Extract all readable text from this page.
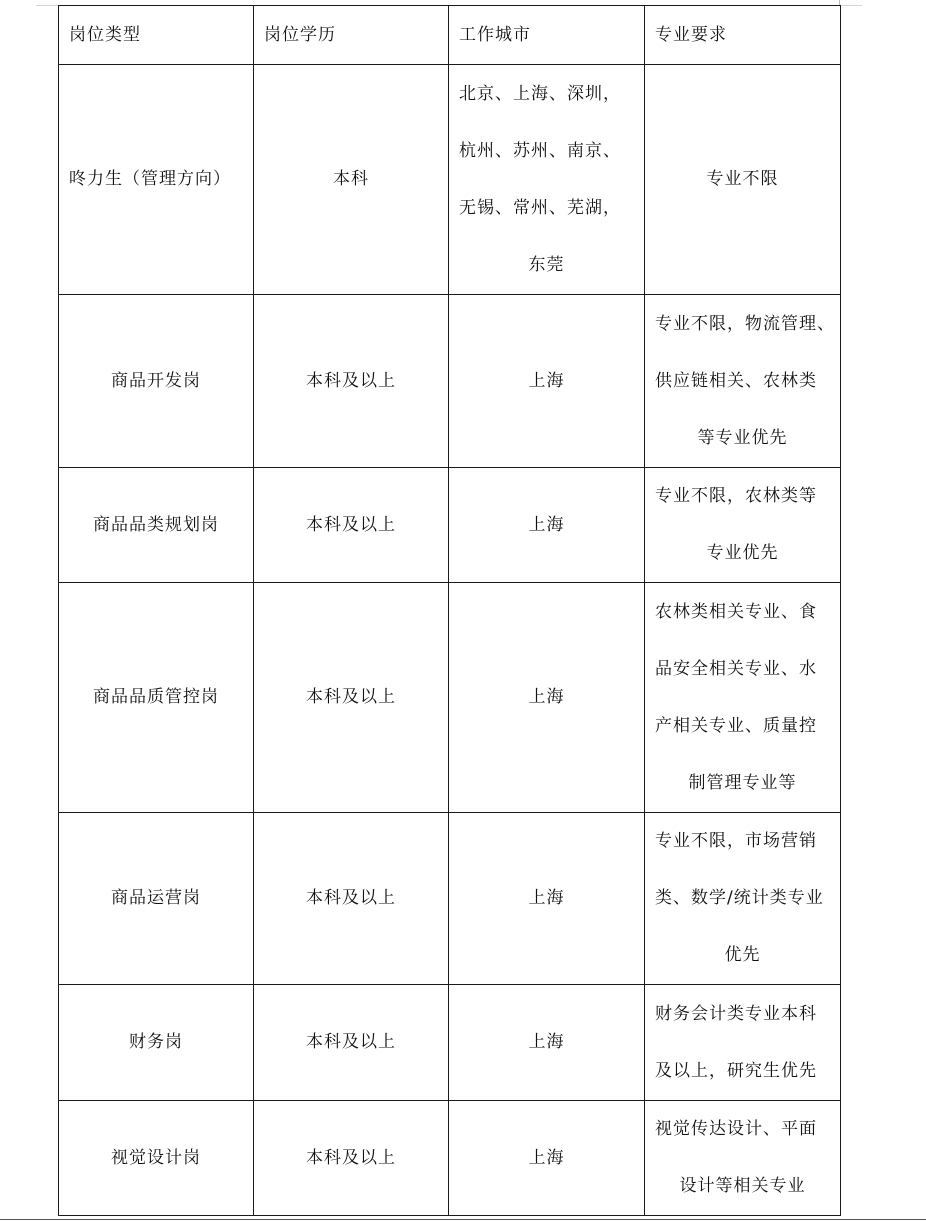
岗位类型	岗位学历	工作城市	专业要求
咚力生（管理方向）	本科	北京、上海、深圳，
杭州、苏州、南京、
无锡、常州、芜湖，
东莞	专业不限

商品开发岗	本科及以上	上海	专业不限，物流管理、
供应链相关、农林类
等专业优先

商品品类规划岗	本科及以上	上海	专业不限，农林类等
专业优先

商品品质管控岗	本科及以上	上海	农林类相关专业、食
品安全相关专业、水
产相关专业、质量控
制管理专业等

商品运营岗	本科及以上	上海	专业不限，市场营销
类、数学/统计类专业
优先

财务岗	本科及以上	上海	财务会计类专业本科
及以上，研究生优先

视觉设计岗	本科及以上	上海	视觉传达设计、平面
设计等相关专业
